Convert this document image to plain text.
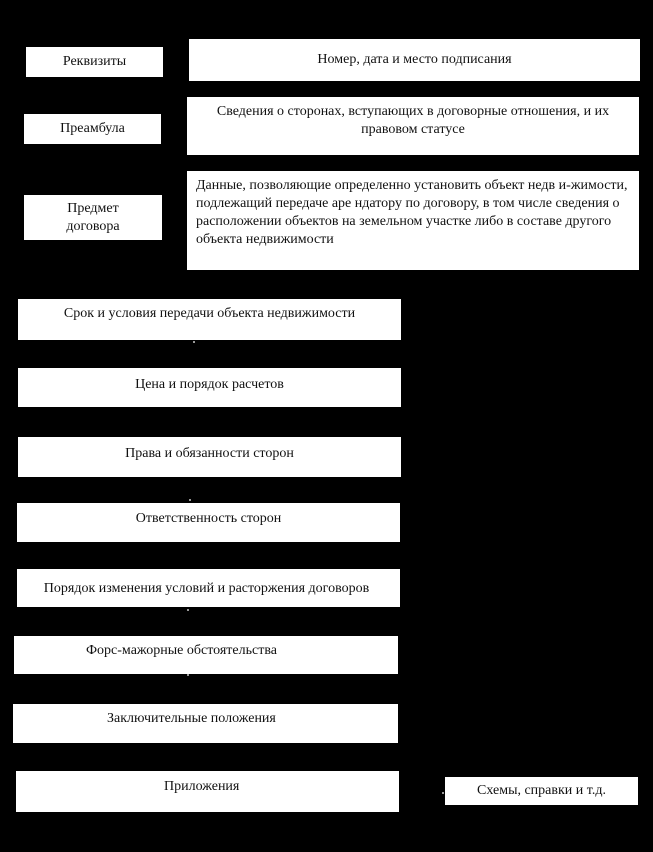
Реквизиты
Преамбула
Предмет договора
Номер, дата и место подписания
Сведения о сторонах, вступающих в договорные отношения, и их правовом статусе
Данные, позволяющие определенно установить объект недв и-жимости, подлежащий передаче аре ндатору по договору, в том числе сведения о расположении объектов на земельном участке либо в составе другого объекта недвижимости
Срок и условия передачи объекта недвижимости
Цена и порядок расчетов
Права и обязанности сторон
Ответственность сторон
Порядок изменения условий и расторжения договоров
Форс-мажорные обстоятельства
Заключительные положения
Приложения	Схемы, справки и т.д.
